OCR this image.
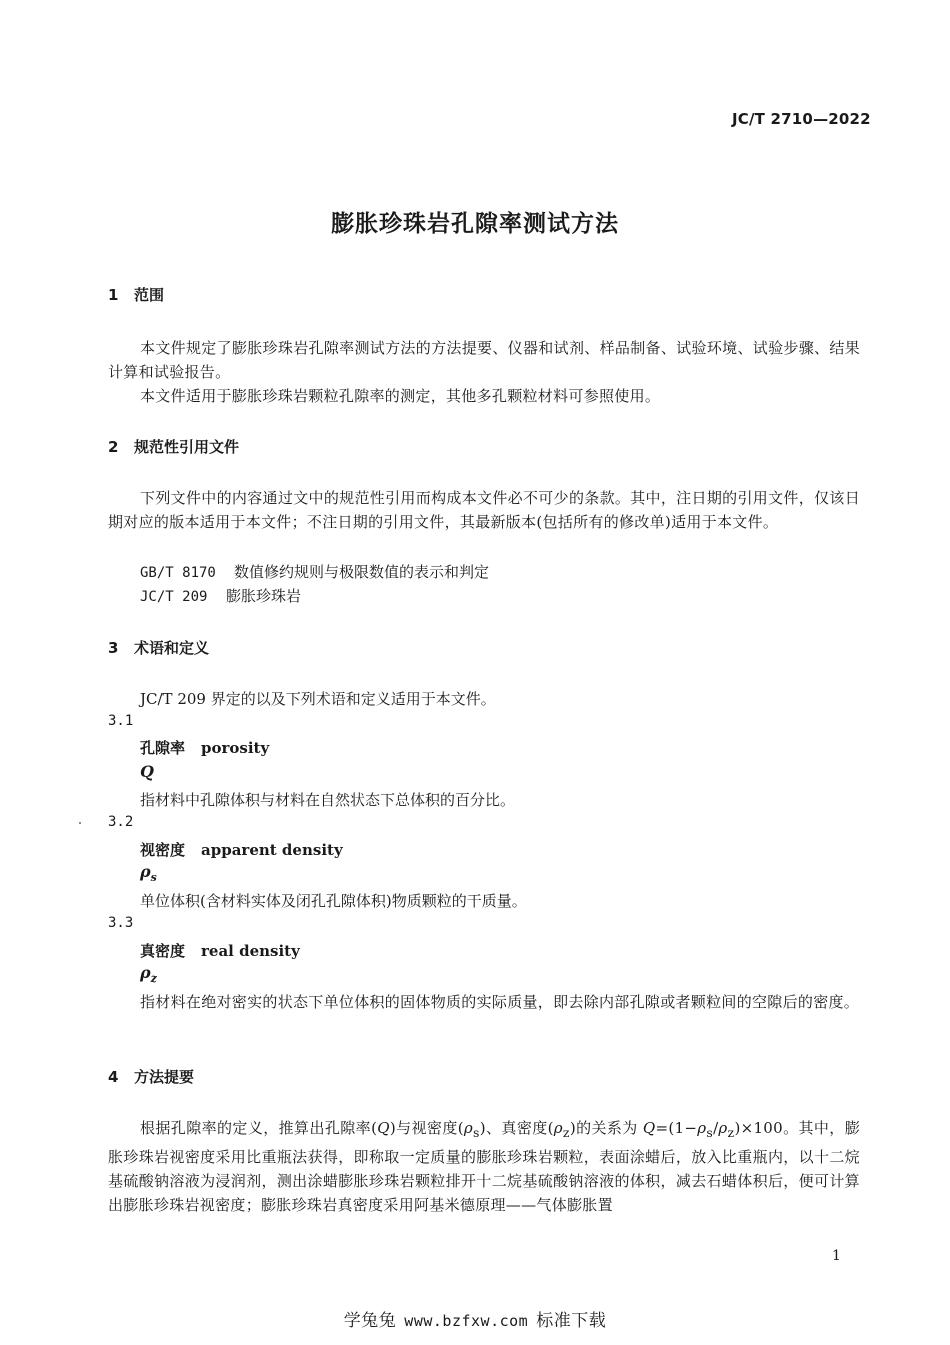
JC/T 2710—2022
膨胀珍珠岩孔隙率测试方法
1 范围
本文件规定了膨胀珍珠岩孔隙率测试方法的方法提要、仪器和试剂、样品制备、试验环境、试验步骤、结果计算和试验报告。
本文件适用于膨胀珍珠岩颗粒孔隙率的测定，其他多孔颗粒材料可参照使用。
2 规范性引用文件
下列文件中的内容通过文中的规范性引用而构成本文件必不可少的条款。其中，注日期的引用文件，仅该日期对应的版本适用于本文件；不注日期的引用文件，其最新版本(包括所有的修改单)适用于本文件。
GB/T 8170 数值修约规则与极限数值的表示和判定
JC/T 209 膨胀珍珠岩
3 术语和定义
JC/T 209 界定的以及下列术语和定义适用于本文件。
3.1
孔隙率 porosity
Q
指材料中孔隙体积与材料在自然状态下总体积的百分比。
3.2
视密度 apparent density
$\rho_s$
单位体积(含材料实体及闭孔孔隙体积)物质颗粒的干质量。
3.3
真密度 real density
$\rho_z$
指材料在绝对密实的状态下单位体积的固体物质的实际质量，即去除内部孔隙或者颗粒间的空隙后的密度。
4 方法提要
根据孔隙率的定义，推算出孔隙率(Q)与视密度$(\rho_s)$、真密度$(\rho_z)$的关系为 $Q=(1-\rho_s/\rho_z)\times 100$。其中，膨胀珍珠岩视密度采用比重瓶法获得，即称取一定质量的膨胀珍珠岩颗粒，表面涂蜡后，放入比重瓶内，以十二烷基硫酸钠溶液为浸润剂，测出涂蜡膨胀珍珠岩颗粒排开十二烷基硫酸钠溶液的体积，减去石蜡体积后，便可计算出膨胀珍珠岩视密度；膨胀珍珠岩真密度采用阿基米德原理——气体膨胀置
1
学兔兔 www.bzfxw.com 标准下载
